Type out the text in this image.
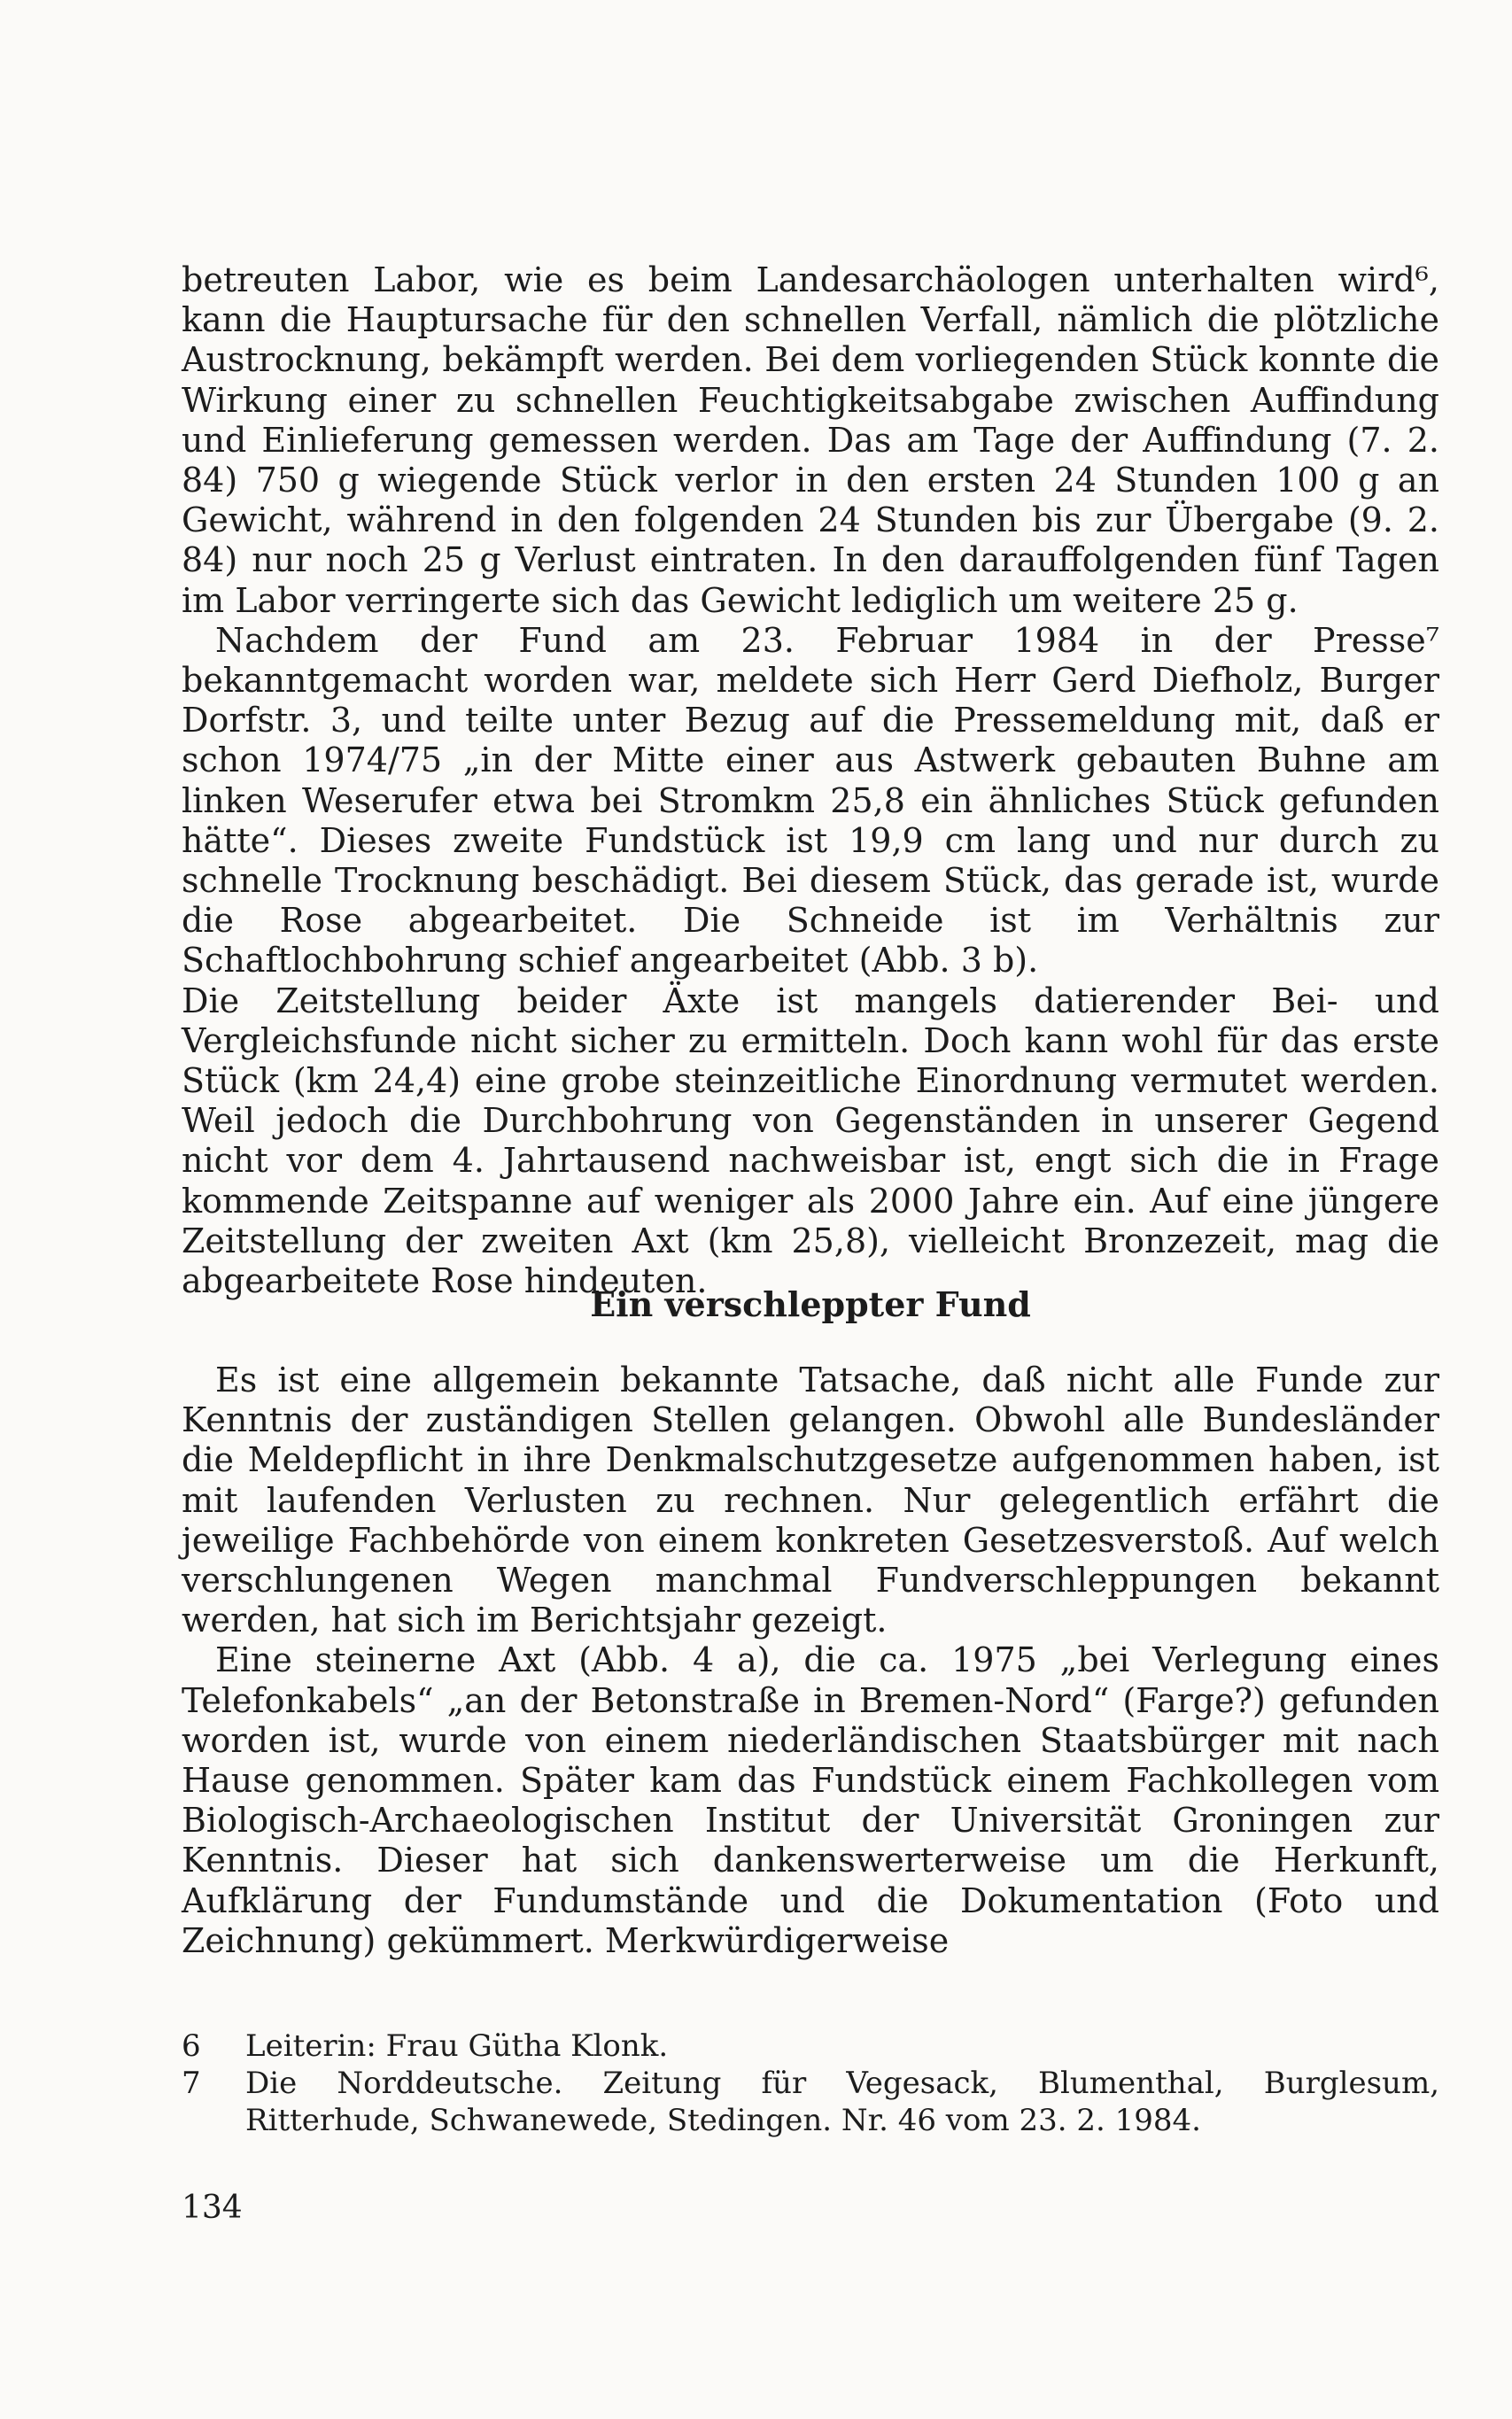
betreuten Labor, wie es beim Landesarchäologen unterhalten wird⁶, kann die Hauptursache für den schnellen Verfall, nämlich die plötzliche Austrocknung, bekämpft werden. Bei dem vorliegenden Stück konnte die Wirkung einer zu schnellen Feuchtigkeitsabgabe zwischen Auffindung und Einlieferung gemessen werden. Das am Tage der Auffindung (7. 2. 84) 750 g wiegende Stück verlor in den ersten 24 Stunden 100 g an Gewicht, während in den folgenden 24 Stunden bis zur Übergabe (9. 2. 84) nur noch 25 g Verlust eintraten. In den darauffolgenden fünf Tagen im Labor verringerte sich das Gewicht lediglich um weitere 25 g.

Nachdem der Fund am 23. Februar 1984 in der Presse⁷ bekanntgemacht worden war, meldete sich Herr Gerd Diefholz, Burger Dorfstr. 3, und teilte unter Bezug auf die Pressemeldung mit, daß er schon 1974/75 „in der Mitte einer aus Astwerk gebauten Buhne am linken Weserufer etwa bei Stromkm 25,8 ein ähnliches Stück gefunden hätte“. Dieses zweite Fundstück ist 19,9 cm lang und nur durch zu schnelle Trocknung beschädigt. Bei diesem Stück, das gerade ist, wurde die Rose abgearbeitet. Die Schneide ist im Verhältnis zur Schaftlochbohrung schief angearbeitet (Abb. 3 b).

Die Zeitstellung beider Äxte ist mangels datierender Bei- und Vergleichsfunde nicht sicher zu ermitteln. Doch kann wohl für das erste Stück (km 24,4) eine grobe steinzeitliche Einordnung vermutet werden. Weil jedoch die Durchbohrung von Gegenständen in unserer Gegend nicht vor dem 4. Jahrtausend nachweisbar ist, engt sich die in Frage kommende Zeitspanne auf weniger als 2000 Jahre ein. Auf eine jüngere Zeitstellung der zweiten Axt (km 25,8), vielleicht Bronzezeit, mag die abgearbeitete Rose hindeuten.

Ein verschleppter Fund

Es ist eine allgemein bekannte Tatsache, daß nicht alle Funde zur Kenntnis der zuständigen Stellen gelangen. Obwohl alle Bundesländer die Meldepflicht in ihre Denkmalschutzgesetze aufgenommen haben, ist mit laufenden Verlusten zu rechnen. Nur gelegentlich erfährt die jeweilige Fachbehörde von einem konkreten Gesetzesverstoß. Auf welch verschlungenen Wegen manchmal Fundverschleppungen bekannt werden, hat sich im Berichtsjahr gezeigt.

Eine steinerne Axt (Abb. 4 a), die ca. 1975 „bei Verlegung eines Telefonkabels“ „an der Betonstraße in Bremen-Nord“ (Farge?) gefunden worden ist, wurde von einem niederländischen Staatsbürger mit nach Hause genommen. Später kam das Fundstück einem Fachkollegen vom Biologisch-Archaeologischen Institut der Universität Groningen zur Kenntnis. Dieser hat sich dankenswerterweise um die Herkunft, Aufklärung der Fundumstände und die Dokumentation (Foto und Zeichnung) gekümmert. Merkwürdigerweise

6	Leiterin: Frau Gütha Klonk.
7	Die Norddeutsche. Zeitung für Vegesack, Blumenthal, Burglesum, Ritterhude, Schwanewede, Stedingen. Nr. 46 vom 23. 2. 1984.
134
